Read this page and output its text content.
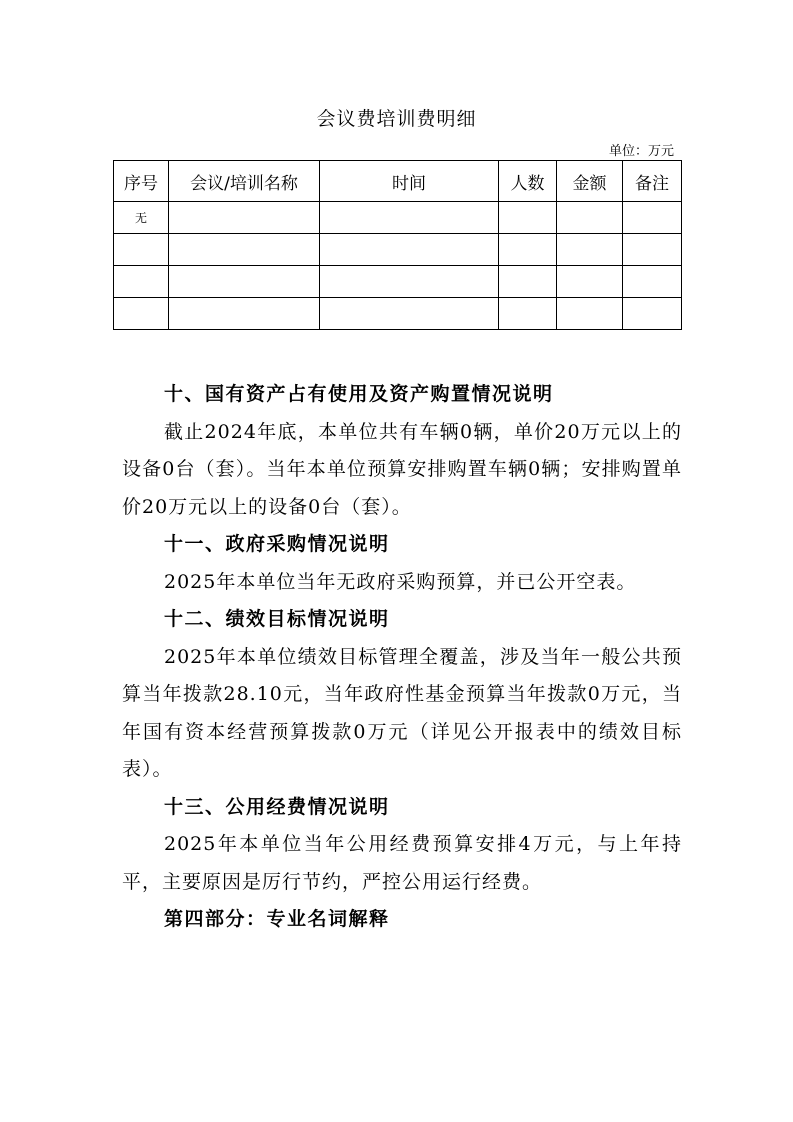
会议费培训费明细
单位：万元
序号	会议/培训名称	时间	人数	金额	备注
无					

十、国有资产占有使用及资产购置情况说明

截止2024年底，本单位共有车辆0辆，单价20万元以上的设备0台（套）。当年本单位预算安排购置车辆0辆；安排购置单价20万元以上的设备0台（套）。

十一、政府采购情况说明

2025年本单位当年无政府采购预算，并已公开空表。

十二、绩效目标情况说明

2025年本单位绩效目标管理全覆盖，涉及当年一般公共预算当年拨款28.10元，当年政府性基金预算当年拨款0万元，当年国有资本经营预算拨款0万元（详见公开报表中的绩效目标表）。

十三、公用经费情况说明

2025年本单位当年公用经费预算安排4万元，与上年持平，主要原因是厉行节约，严控公用运行经费。

第四部分：专业名词解释
